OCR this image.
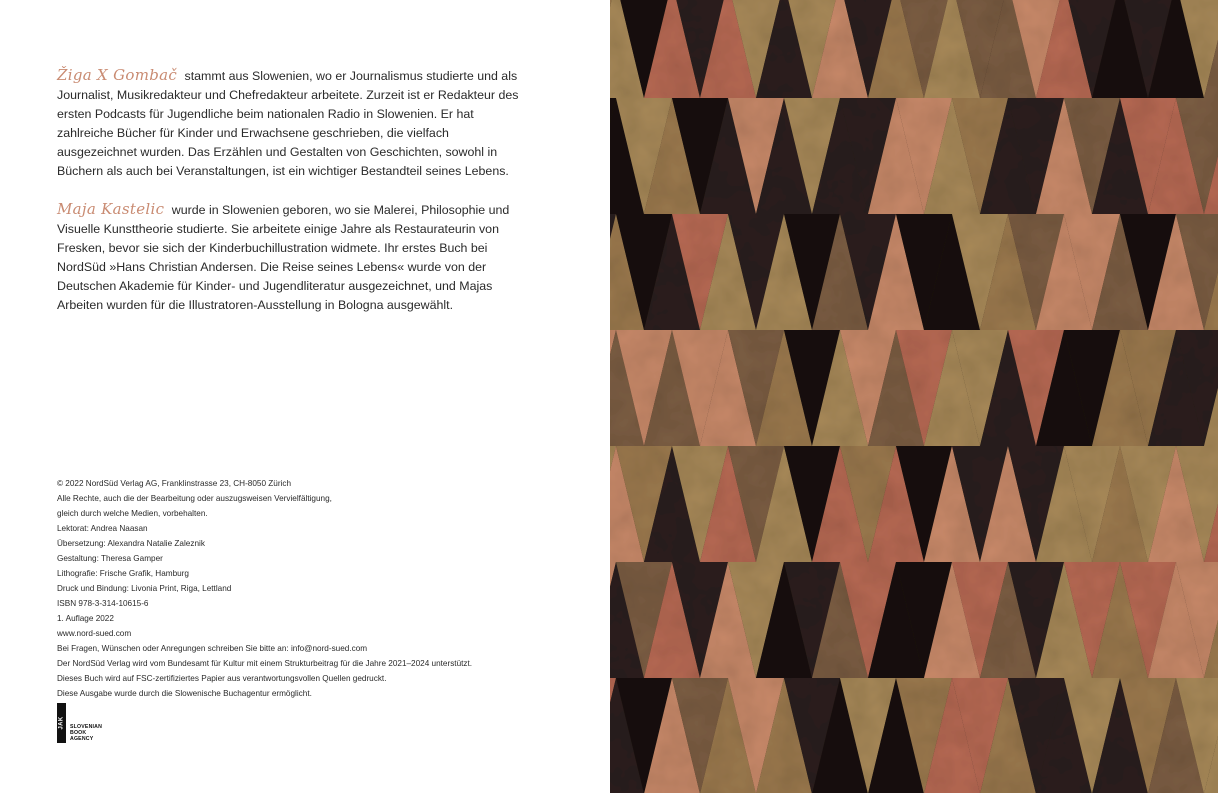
Žiga X Gombač stammt aus Slowenien, wo er Journalismus studierte und als Journalist, Musikredakteur und Chefredakteur arbeitete. Zurzeit ist er Redakteur des ersten Podcasts für Jugendliche beim nationalen Radio in Slowenien. Er hat zahlreiche Bücher für Kinder und Erwachsene geschrieben, die vielfach ausgezeichnet wurden. Das Erzählen und Gestalten von Geschichten, sowohl in Büchern als auch bei Veranstaltungen, ist ein wichtiger Bestandteil seines Lebens.

Maja Kastelic wurde in Slowenien geboren, wo sie Malerei, Philosophie und Visuelle Kunsttheorie studierte. Sie arbeitete einige Jahre als Restaurateurin von Fresken, bevor sie sich der Kinderbuchillustration widmete. Ihr erstes Buch bei NordSüd »Hans Christian Andersen. Die Reise seines Lebens« wurde von der Deutschen Akademie für Kinder- und Jugendliteratur ausgezeichnet, und Majas Arbeiten wurden für die Illustratoren-Ausstellung in Bologna ausgewählt.

© 2022 NordSüd Verlag AG, Franklinstrasse 23, CH-8050 Zürich
Alle Rechte, auch die der Bearbeitung oder auszugsweisen Vervielfältigung,
gleich durch welche Medien, vorbehalten.
Lektorat: Andrea Naasan
Übersetzung: Alexandra Natalie Zaleznik
Gestaltung: Theresa Gamper
Lithografie: Frische Grafik, Hamburg
Druck und Bindung: Livonia Print, Riga, Lettland
ISBN 978-3-314-10615-6
1. Auflage 2022
www.nord-sued.com
Bei Fragen, Wünschen oder Anregungen schreiben Sie bitte an: info@nord-sued.com
Der NordSüd Verlag wird vom Bundesamt für Kultur mit einem Strukturbeitrag für die Jahre 2021–2024 unterstützt.
Dieses Buch wird auf FSC-zertifiziertes Papier aus verantwortungsvollen Quellen gedruckt.
Diese Ausgabe wurde durch die Slowenische Buchagentur ermöglicht.
JAK SLOVENIAN
BOOK
AGENCY
